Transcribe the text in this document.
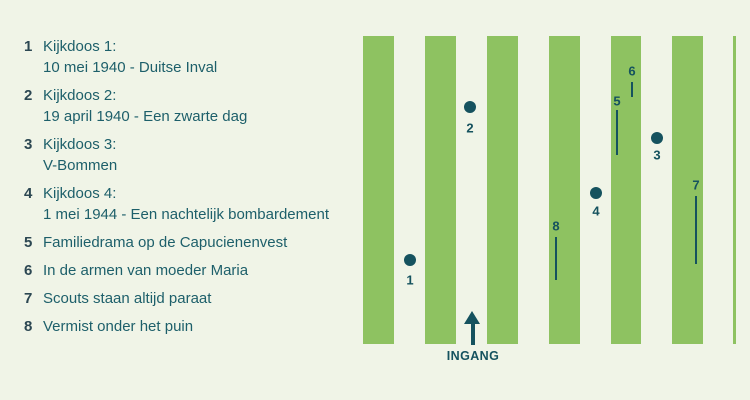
1 Kijkdoos 1:
10 mei 1940 - Duitse Inval
2 Kijkdoos 2:
19 april 1940 - Een zwarte dag
3 Kijkdoos 3:
V-Bommen
4 Kijkdoos 4:
1 mei 1944 - Een nachtelijk bombardement
5 Familiedrama op de Capucienenvest
6 In de armen van moeder Maria
7 Scouts staan altijd paraat
8 Vermist onder het puin
INGANG
1
2
3
4
5
6
7
8
